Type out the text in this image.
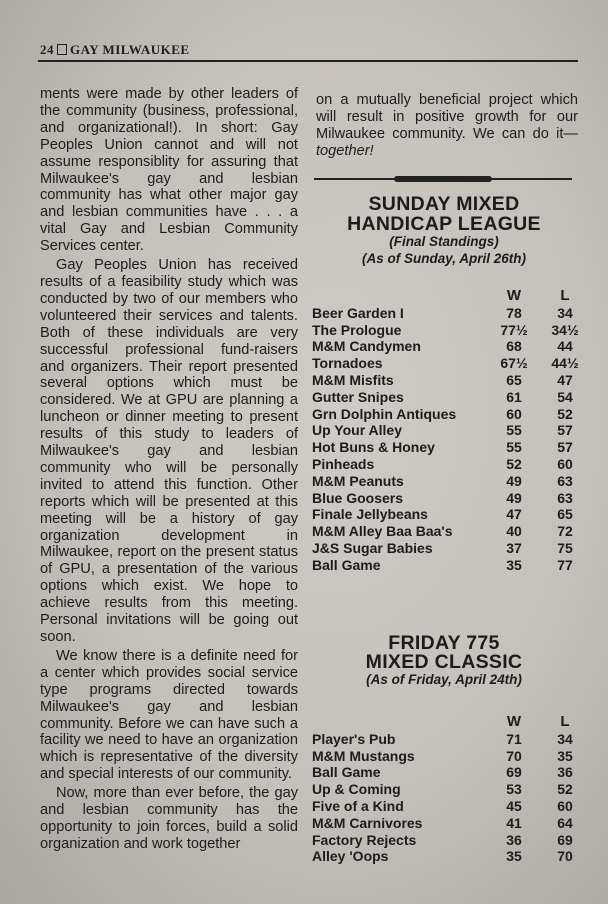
24 GAY MILWAUKEE

ments were made by other leaders of the community (business, professional, and organizational!). In short: Gay Peoples Union cannot and will not assume responsiblity for assuring that Milwaukee's gay and lesbian community has what other major gay and lesbian communities have . . . a vital Gay and Lesbian Community Services center.

Gay Peoples Union has received results of a feasibility study which was conducted by two of our members who volunteered their services and talents. Both of these individuals are very successful professional fund-raisers and organizers. Their report presented several options which must be considered. We at GPU are planning a luncheon or dinner meeting to present results of this study to leaders of Milwaukee's gay and lesbian community who will be personally invited to attend this function. Other reports which will be presented at this meeting will be a history of gay organization development in Milwaukee, report on the present status of GPU, a presentation of the various options which exist. We hope to achieve results from this meeting. Personal invitations will be going out soon.

We know there is a definite need for a center which provides social service type programs directed towards Milwaukee's gay and lesbian community. Before we can have such a facility we need to have an organization which is representative of the diversity and special interests of our community.

Now, more than ever before, the gay and lesbian community has the opportunity to join forces, build a solid organization and work together

on a mutually beneficial project which will result in positive growth for our Milwaukee community. We can do it—together!
SUNDAY MIXED
HANDICAP LEAGUE
(Final Standings)
(As of Sunday, April 26th)
W	L
Beer Garden I	78	34
The Prologue	77½	34½
M&M Candymen	68	44
Tornadoes	67½	44½
M&M Misfits	65	47
Gutter Snipes	61	54
Grn Dolphin Antiques	60	52
Up Your Alley	55	57
Hot Buns & Honey	55	57
Pinheads	52	60
M&M Peanuts	49	63
Blue Goosers	49	63
Finale Jellybeans	47	65
M&M Alley Baa Baa's	40	72
J&S Sugar Babies	37	75
Ball Game	35	77
FRIDAY 775
MIXED CLASSIC
(As of Friday, April 24th)
W	L
Player's Pub	71	34
M&M Mustangs	70	35
Ball Game	69	36
Up & Coming	53	52
Five of a Kind	45	60
M&M Carnivores	41	64
Factory Rejects	36	69
Alley 'Oops	35	70
